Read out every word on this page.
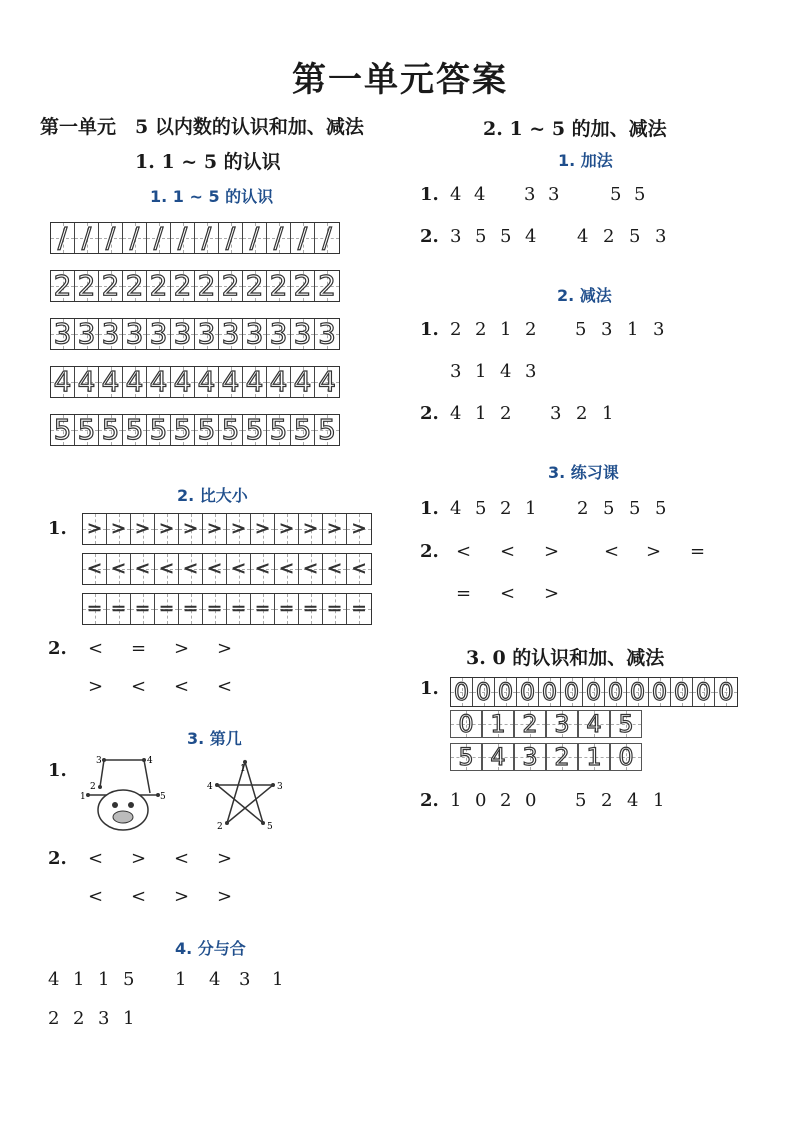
第一单元答案
第一单元　5 以内数的认识和加、减法
1. 1 ~ 5 的认识
1. 1 ~ 5 的认识
/ / / / / / / / / / / /
2 2 2 2 2 2 2 2 2 2 2 2
3 3 3 3 3 3 3 3 3 3 3 3
4 4 4 4 4 4 4 4 4 4 4 4
5 5 5 5 5 5 5 5 5 5 5 5
2. 比大小
1. > > > > > > > > > > > >
< < < < < < < < < < < <
= = = = = = = = = = = =
2. < = > >
> < < <
3. 第几
1.
1
2
3	4
5
1
2
3
4
5
2. < > < >
< < > >
4. 分与合
4 1 1 5 1 4 3 1
2 2 3 1
2. 1 ~ 5 的加、减法
1. 加法
1. 4 4 3 3	5 5
2. 3 5 5 4 4 2 5 3
2. 减法
1. 2 2 1 2 5 3 1 3
3 1 4 3
2. 4 1 2 3 2 1
3. 练习课
1. 4 5 2 1 2 5 5 5
2. < < > < > =
= < >
3. 0 的认识和加、减法
1. 0 0 0 0 0 0 0 0 0 0 0 0 0
0 1 2 3 4 5
5 4 3 2 1 0
2. 1 0 2 0 5 2 4 1
